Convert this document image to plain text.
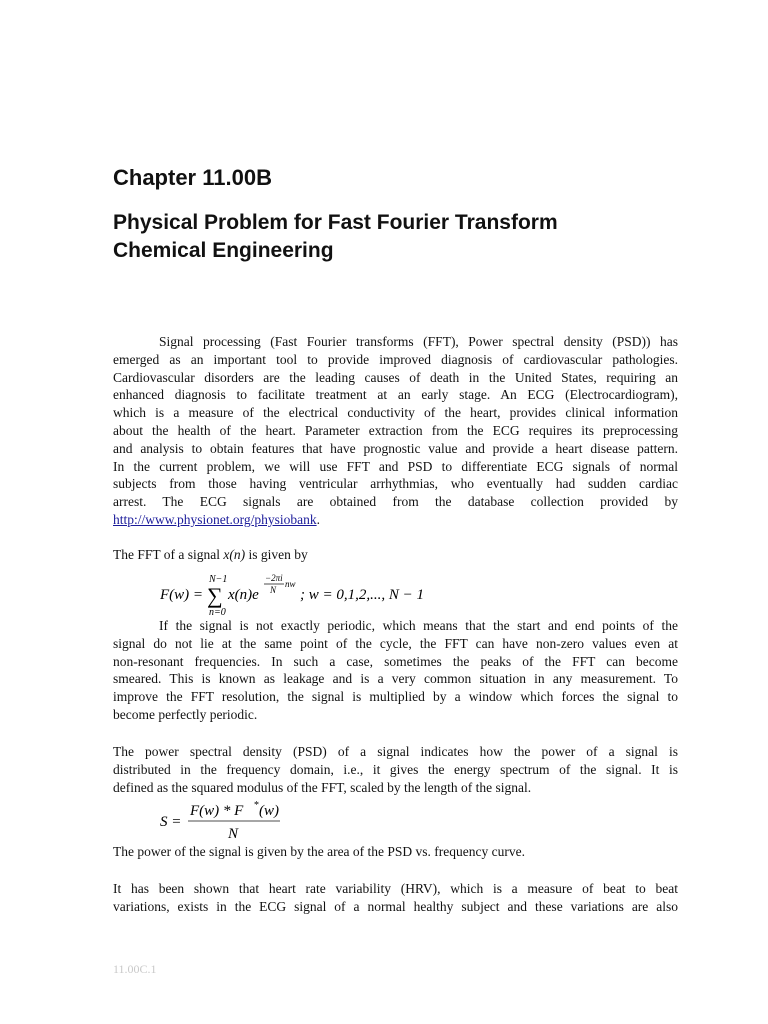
Chapter 11.00B
Physical Problem for Fast Fourier Transform
Chemical Engineering
Signal processing (Fast Fourier transforms (FFT), Power spectral density (PSD)) has
emerged as an important tool to provide improved diagnosis of cardiovascular pathologies.
Cardiovascular disorders are the leading causes of death in the United States, requiring an
enhanced diagnosis to facilitate treatment at an early stage. An ECG (Electrocardiogram),
which is a measure of the electrical conductivity of the heart, provides clinical information
about the health of the heart. Parameter extraction from the ECG requires its preprocessing
and analysis to obtain features that have prognostic value and provide a heart disease pattern.
In the current problem, we will use FFT and PSD to differentiate ECG signals of normal
subjects from those having ventricular arrhythmias, who eventually had sudden cardiac
arrest. The ECG signals are obtained from the database collection provided by
http://www.physionet.org/physiobank.
The FFT of a signal x(n) is given by
F(w) =
N−1
∑
n=0
x(n)e
−2πi
N
nw
; w = 0,1,2,..., N − 1
If the signal is not exactly periodic, which means that the start and end points of the
signal do not lie at the same point of the cycle, the FFT can have non-zero values even at
non-resonant frequencies. In such a case, sometimes the peaks of the FFT can become
smeared. This is known as leakage and is a very common situation in any measurement. To
improve the FFT resolution, the signal is multiplied by a window which forces the signal to
become perfectly periodic.
The power spectral density (PSD) of a signal indicates how the power of a signal is
distributed in the frequency domain, i.e., it gives the energy spectrum of the signal. It is
defined as the squared modulus of the FFT, scaled by the length of the signal.
S =
F(w) * F * (w)
N
The power of the signal is given by the area of the PSD vs. frequency curve.
It has been shown that heart rate variability (HRV), which is a measure of beat to beat
variations, exists in the ECG signal of a normal healthy subject and these variations are also
11.00C.1
